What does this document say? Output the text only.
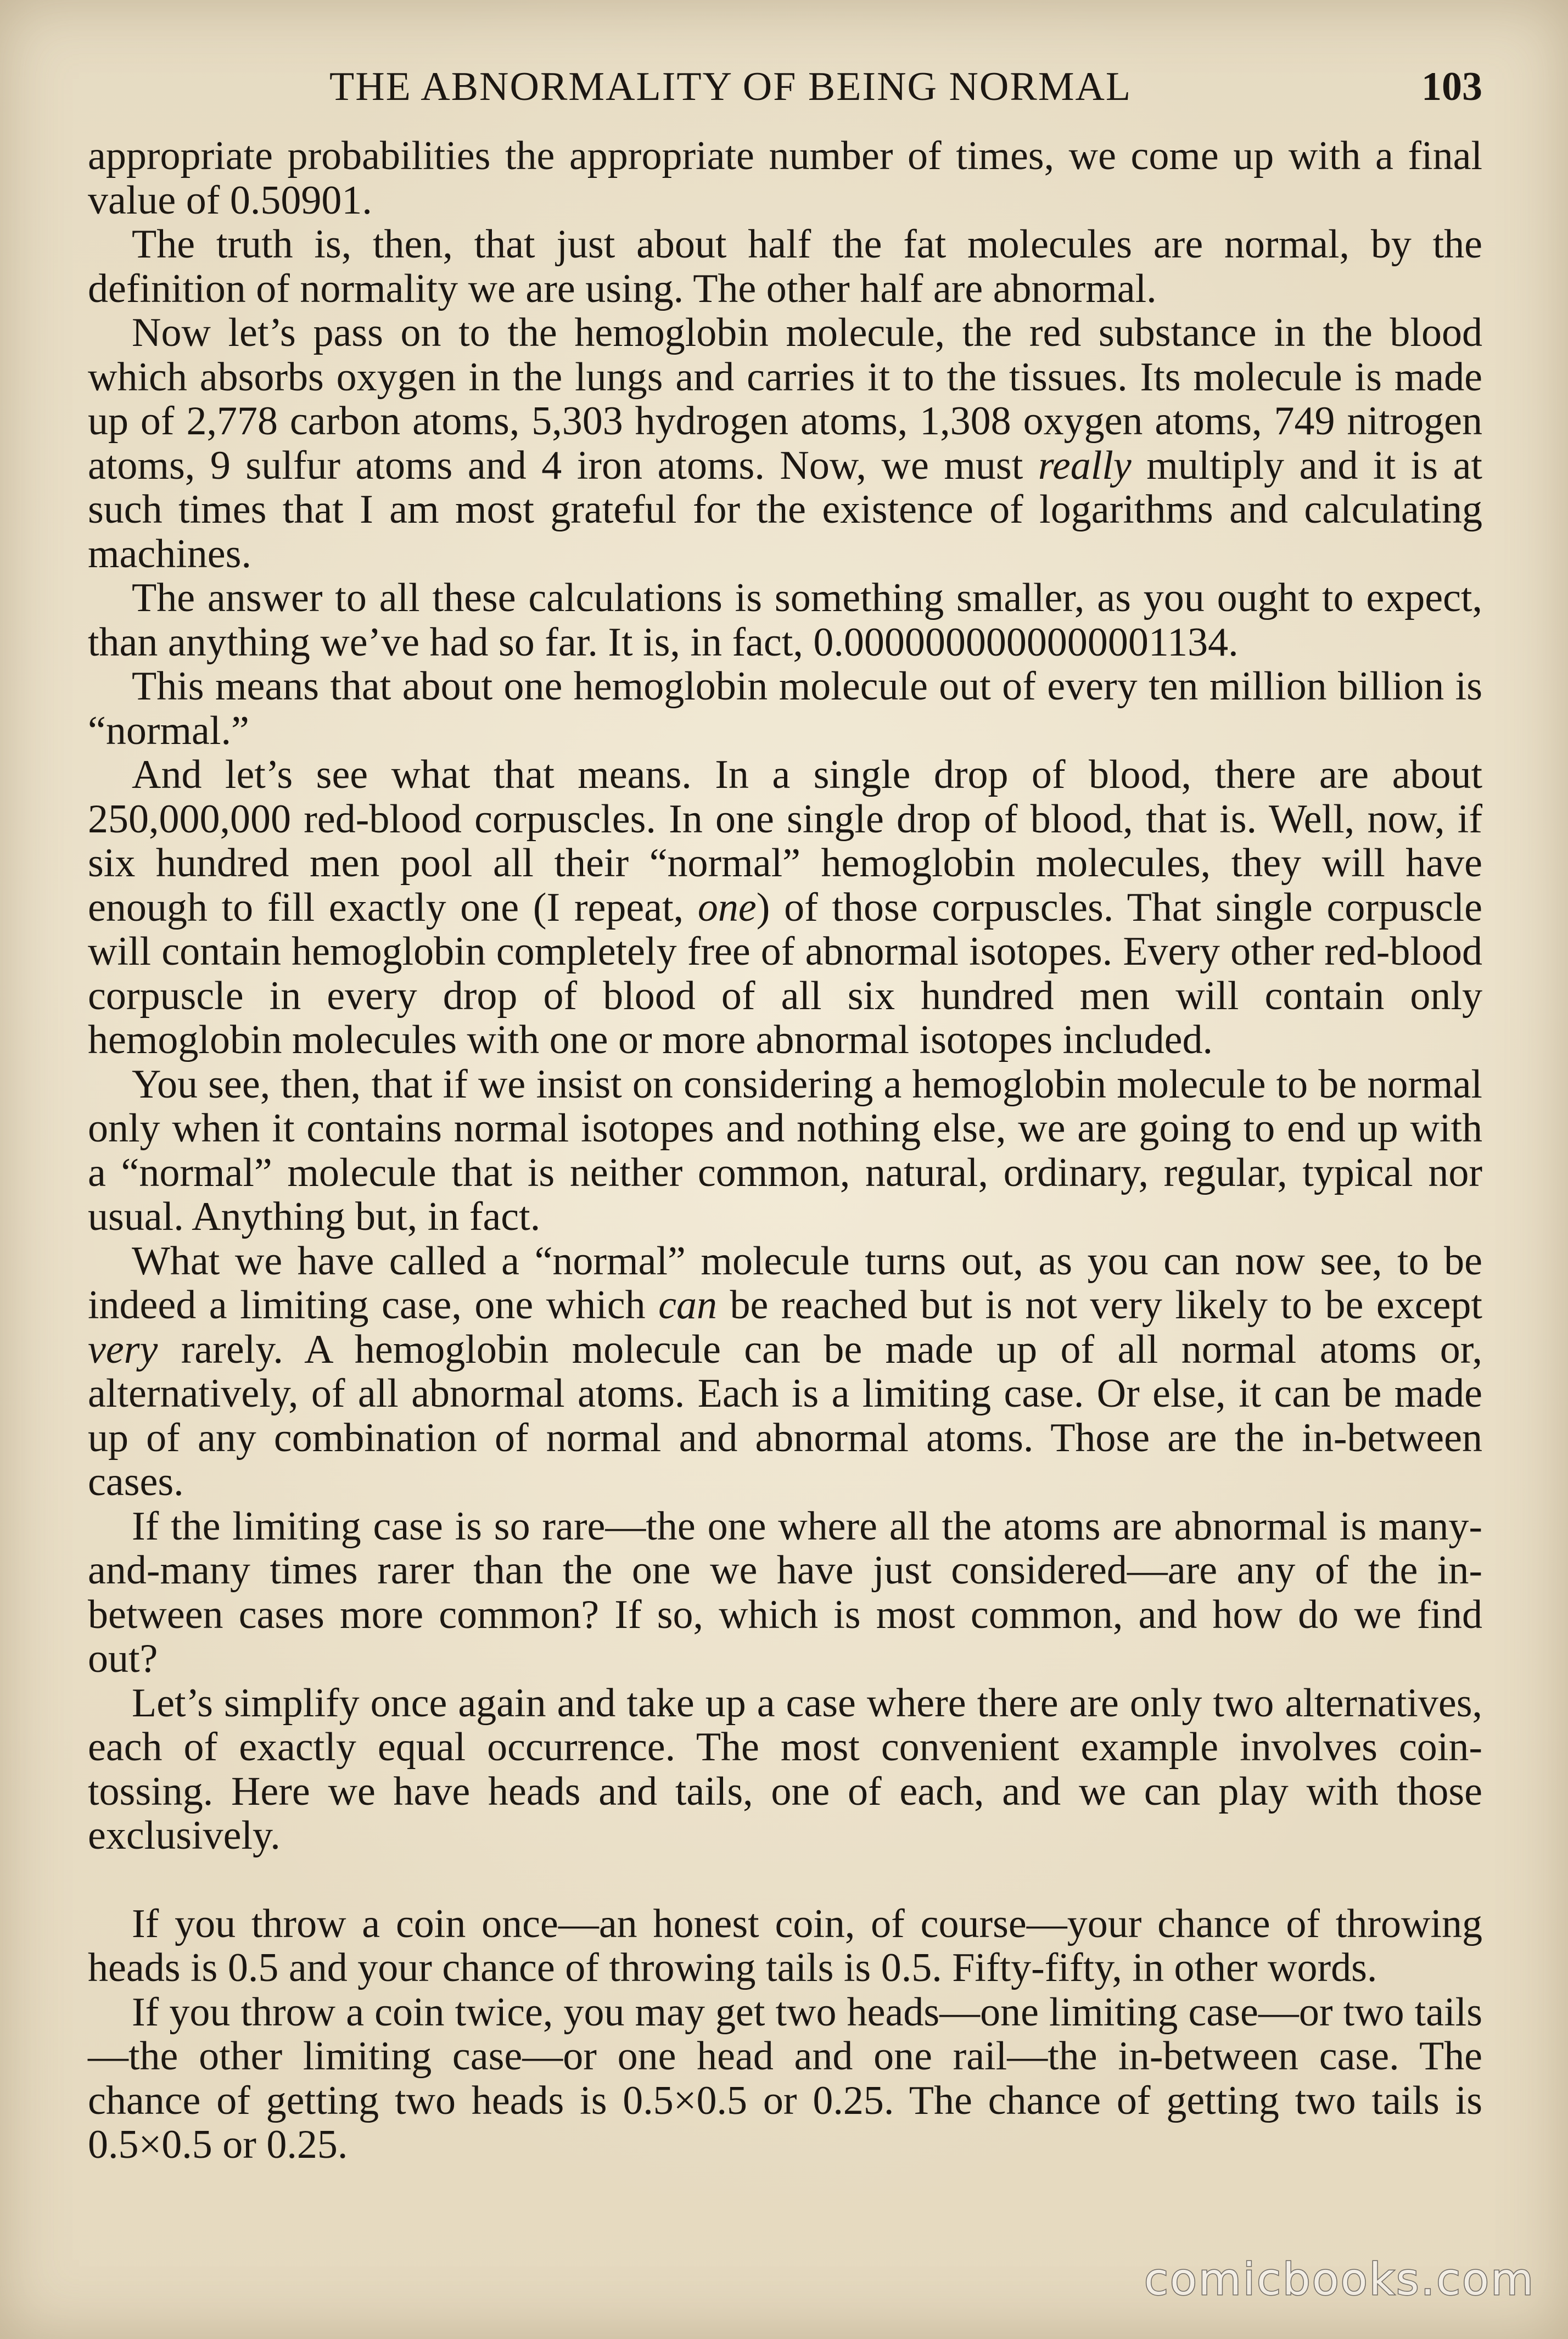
THE ABNORMALITY OF BEING NORMAL	103

appropriate probabilities the appropriate number of times, we come up with a final value of 0.50901.

The truth is, then, that just about half the fat molecules are normal, by the definition of normality we are using. The other half are abnormal.

Now let’s pass on to the hemoglobin molecule, the red substance in the blood which absorbs oxygen in the lungs and carries it to the tissues. Its molecule is made up of 2,778 carbon atoms, 5,303 hydrogen atoms, 1,308 oxygen atoms, 749 nitrogen atoms, 9 sulfur atoms and 4 iron atoms. Now, we must really multiply and it is at such times that I am most grateful for the existence of logarithms and calculating machines.

The answer to all these calculations is something smaller, as you ought to expect, than anything we’ve had so far. It is, in fact, 0.0000000000000001134.

This means that about one hemoglobin molecule out of every ten million billion is “normal.”

And let’s see what that means. In a single drop of blood, there are about 250,000,000 red-blood corpuscles. In one single drop of blood, that is. Well, now, if six hundred men pool all their “normal” hemoglobin molecules, they will have enough to fill exactly one (I repeat, one) of those corpuscles. That single corpuscle will contain hemoglobin completely free of abnormal isotopes. Every other red-blood corpuscle in every drop of blood of all six hundred men will contain only hemoglobin molecules with one or more abnormal isotopes included.

You see, then, that if we insist on considering a hemoglobin molecule to be normal only when it contains normal isotopes and nothing else, we are going to end up with a “normal” molecule that is neither common, natural, ordinary, regular, typical nor usual. Anything but, in fact.

What we have called a “normal” molecule turns out, as you can now see, to be indeed a limiting case, one which can be reached but is not very likely to be except very rarely. A hemoglobin molecule can be made up of all normal atoms or, alternatively, of all abnormal atoms. Each is a limiting case. Or else, it can be made up of any combination of normal and abnormal atoms. Those are the in-between cases.

If the limiting case is so rare—the one where all the atoms are abnormal is many-and-many times rarer than the one we have just considered—are any of the in-between cases more common? If so, which is most common, and how do we find out?

Let’s simplify once again and take up a case where there are only two alternatives, each of exactly equal occurrence. The most convenient example involves coin-tossing. Here we have heads and tails, one of each, and we can play with those exclusively.

If you throw a coin once—an honest coin, of course—your chance of throwing heads is 0.5 and your chance of throwing tails is 0.5. Fifty-fifty, in other words.

If you throw a coin twice, you may get two heads—one limiting case—or two tails—the other limiting case—or one head and one rail—the in-between case. The chance of getting two heads is 0.5×0.5 or 0.25. The chance of getting two tails is 0.5×0.5 or 0.25.

comicbooks.com
